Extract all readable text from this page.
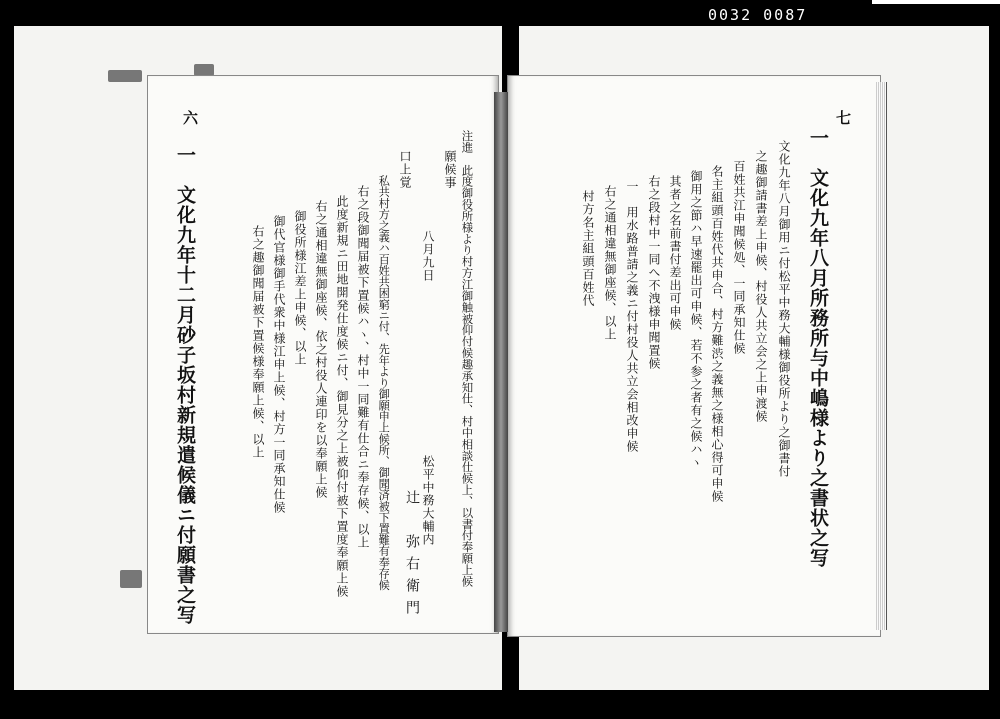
0032 0087
六
一　文化九年十二月砂子坂村新規遣候儀ニ付願書之写	注進　此度御役所様より村方江御触被仰付候趣承知仕、村中相談仕候上、以書付奉願上候
願候事
八月九日
口上覚
私共村方之義ハ百姓共困窮ニ付、先年より御願申上候所、御聞済被下置難有奉存候
右之段御聞届被下置候ハヽ、村中一同難有仕合ニ奉存候、以上
此度新規ニ田地開発仕度候ニ付、御見分之上被仰付被下置度奉願上候
右之通相違無御座候、依之村役人連印を以奉願上候
御役所様江差上申候、以上
御代官様御手代衆中様江申上候、村方一同承知仕候
右之趣御聞届被下置候様奉願上候、以上
松平中務大輔内
辻　弥右衛門
七
一　文化九年八月所務所与中嶋様より之書状之写
文化九年八月御用ニ付松平中務大輔様御役所より之御書付
之趣御請書差上申候、村役人共立会之上申渡候
百姓共江申聞候処、一同承知仕候
名主組頭百姓代共申合、村方難渋之義無之様相心得可申候
御用之節ハ早速罷出可申候、若不参之者有之候ハヽ
其者之名前書付差出可申候
右之段村中一同へ不洩様申聞置候
一　用水路普請之義ニ付村役人共立会相改申候
右之通相違無御座候、以上
村方名主組頭百姓代
